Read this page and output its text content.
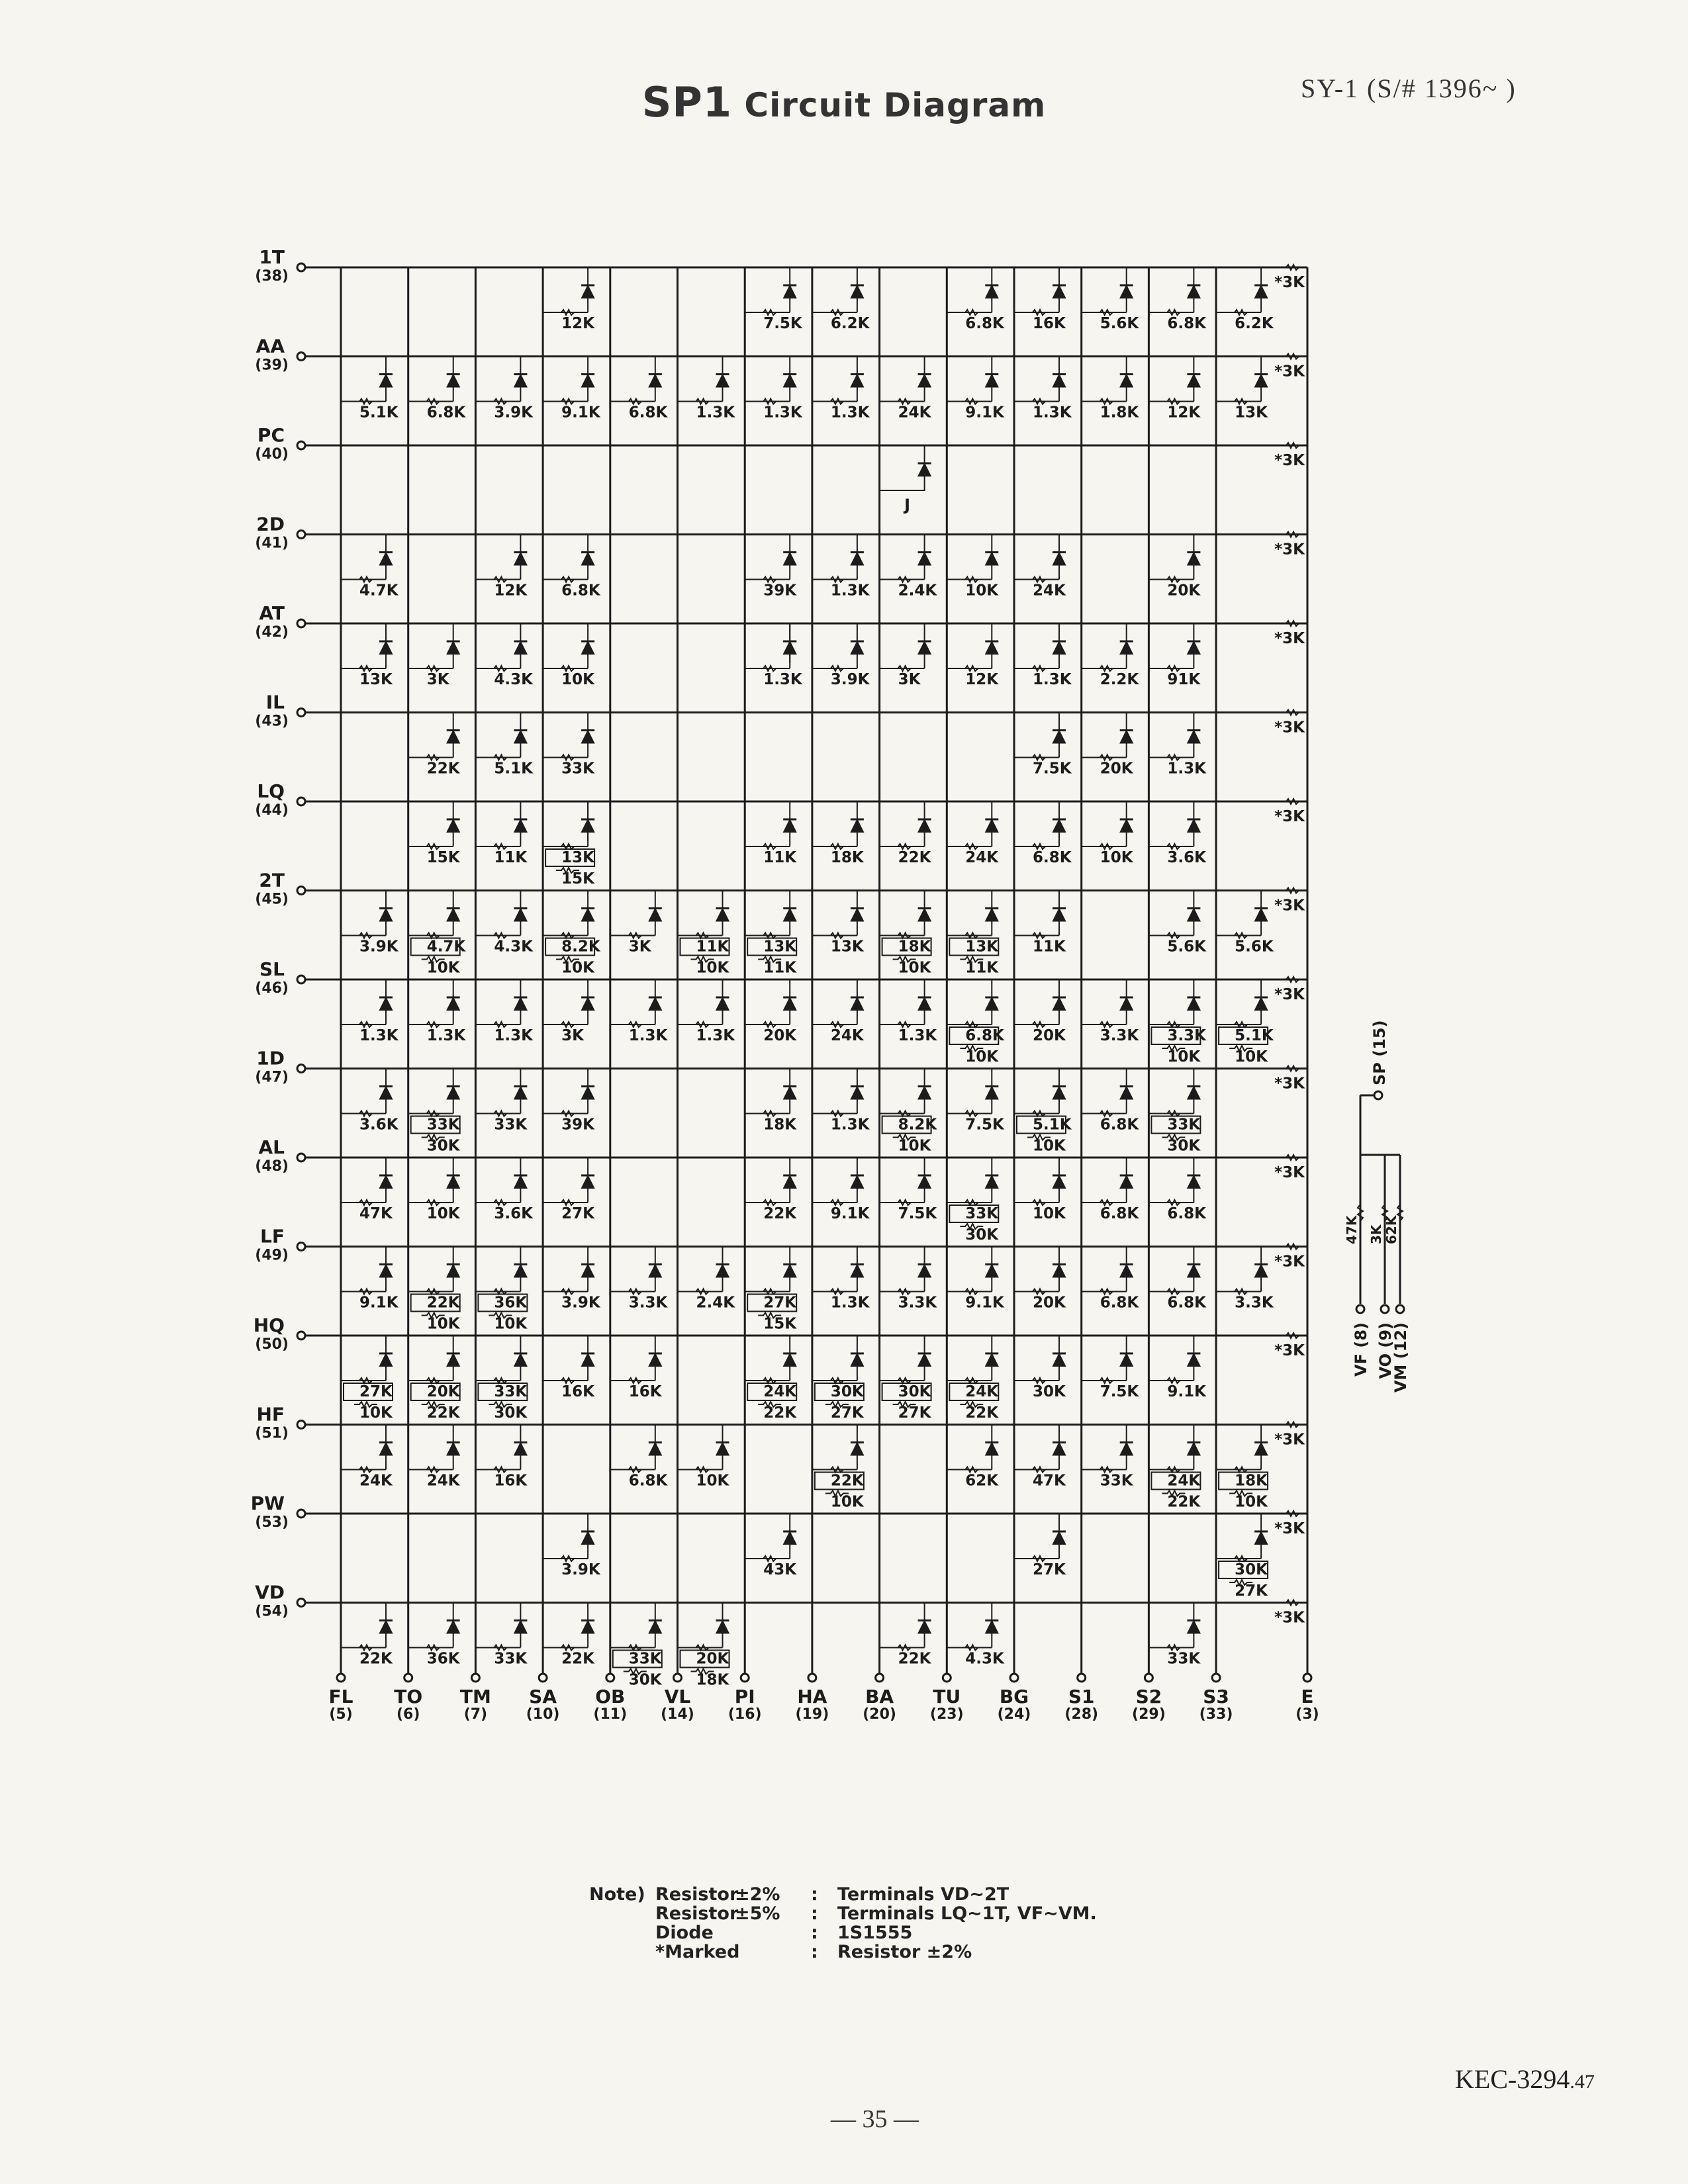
SP1 Circuit Diagram	SY-1 (S/# 1396~ )
1T
(38)
AA
(39)
PC
(40)
2D
(41)
AT
(42)
IL
(43)
LQ
(44)
2T
(45)
SL
(46)
1D
(47)
AL
(48)
LF
(49)
HQ
(50)
HF
(51)
PW
(53)
VD
(54)
FL
(5)
TO
(6)
TM
(7)
SA
(10)
OB
(11)
VL
(14)
PI
(16)
HA
(19)
BA
(20)
TU
(23)
BG
(24)
S1
(28)
S2
(29)
S3
(33)
E
(3)
12K	7.5K 6.2K	6.8K 16K 5.6K 6.8K 6.2K
5.1K 6.8K 3.9K 9.1K 6.8K 1.3K 1.3K 1.3K 24K 9.1K 1.3K 1.8K 12K 13K
4.7K	12K 6.8K	39K 1.3K 2.4K 10K 24K	20K
13K 3K	4.3K 10K	1.3K 3.9K 3K	12K 1.3K 2.2K 91K
22K 5.1K 33K	7.5K 20K 1.3K
15K 11K 13K
15K
11K 18K 22K 24K 6.8K 10K 3.6K
3.9K 4.7K
10K
4.3K 8.2K
10K
3K	11K
10K
13K
11K
13K 18K
10K
13K
11K
11K	5.6K 5.6K
1.3K 1.3K 1.3K 3K	1.3K 1.3K 20K 24K 1.3K 6.8K
10K
20K 3.3K 3.3K
10K
5.1K
10K
3.6K 33K
30K
33K 39K	18K 1.3K 8.2K
10K
7.5K 5.1K
10K
6.8K 33K
30K
47K 10K 3.6K 27K	22K 9.1K 7.5K 33K
30K
10K 6.8K 6.8K
9.1K 22K
10K
36K
10K
3.9K 3.3K 2.4K 27K
15K
1.3K 3.3K 9.1K 20K 6.8K 6.8K 3.3K
27K
10K
20K
22K
33K
30K
16K 16K	24K
22K
30K
27K
30K
27K
24K
22K
30K 7.5K 9.1K
24K 24K 16K	6.8K 10K	22K
10K
62K 47K 33K 24K
22K
18K
10K
3.9K	43K	27K	30K
27K
22K 36K 33K 22K 33K
30K
20K
18K
22K 4.3K	33K
J
*3K
*3K
*3K
*3K
*3K
*3K
*3K
*3K
*3K
*3K
*3K
*3K
*3K
*3K
*3K
*3K
SP (15)
47K 3K 62K
VF (8) VO (9)
VM (12)
Note) Resistor
±2%	:	Terminals VD~2T
Resistor
±5%	:	Terminals LQ~1T, VF~VM.
Diode	:	1S1555
*Marked	:	Resistor ±2%
— 35 —
KEC-3294.47
